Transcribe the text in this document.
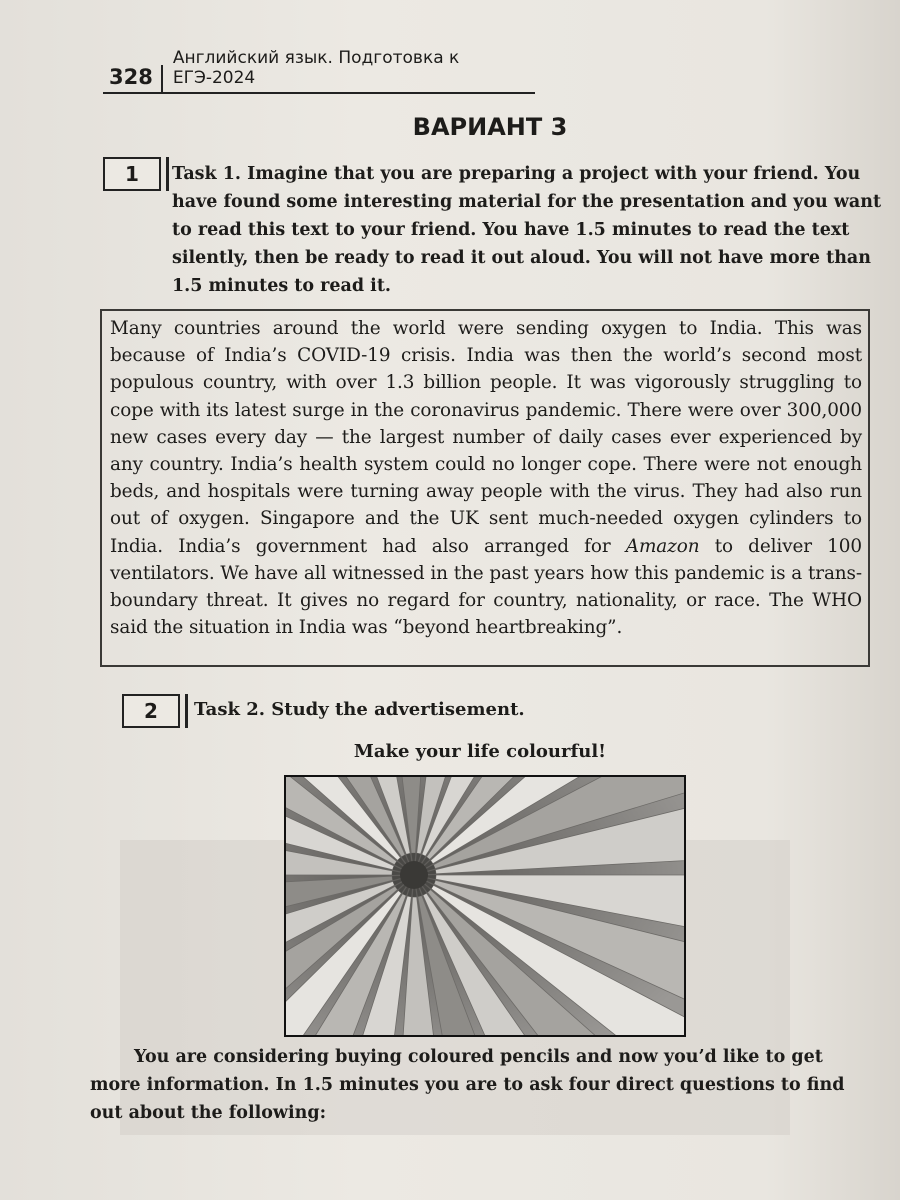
328
Английский язык. Подготовка к ЕГЭ-2024
ВАРИАНТ 3
1	Task 1. Imagine that you are preparing a project with your friend. You have found some interesting material for the presentation and you want to read this text to your friend. You have 1.5 minutes to read the text silently, then be ready to read it out aloud. You will not have more than 1.5 minutes to read it.

Many countries around the world were sending oxygen to India. This was because of India’s COVID-19 crisis. India was then the world’s second most populous country, with over 1.3 billion people. It was vigorously struggling to cope with its latest surge in the coronavirus pandemic. There were over 300,000 new cases every day — the largest number of daily cases ever experienced by any country. India’s health system could no longer cope. There were not enough beds, and hospitals were turning away people with the virus. They had also run out of oxygen. Singapore and the UK sent much-needed oxygen cylinders to India. India’s government had also arranged for Amazon to deliver 100 ventilators. We have all witnessed in the past years how this pandemic is a trans-boundary threat. It gives no regard for country, nationality, or race. The WHO said the situation in India was “beyond heartbreaking”.

2	Task 2. Study the advertisement.
Make your life colourful!

You are considering buying coloured pencils and now you’d like to get more information. In 1.5 minutes you are to ask four direct questions to find out about the following:
